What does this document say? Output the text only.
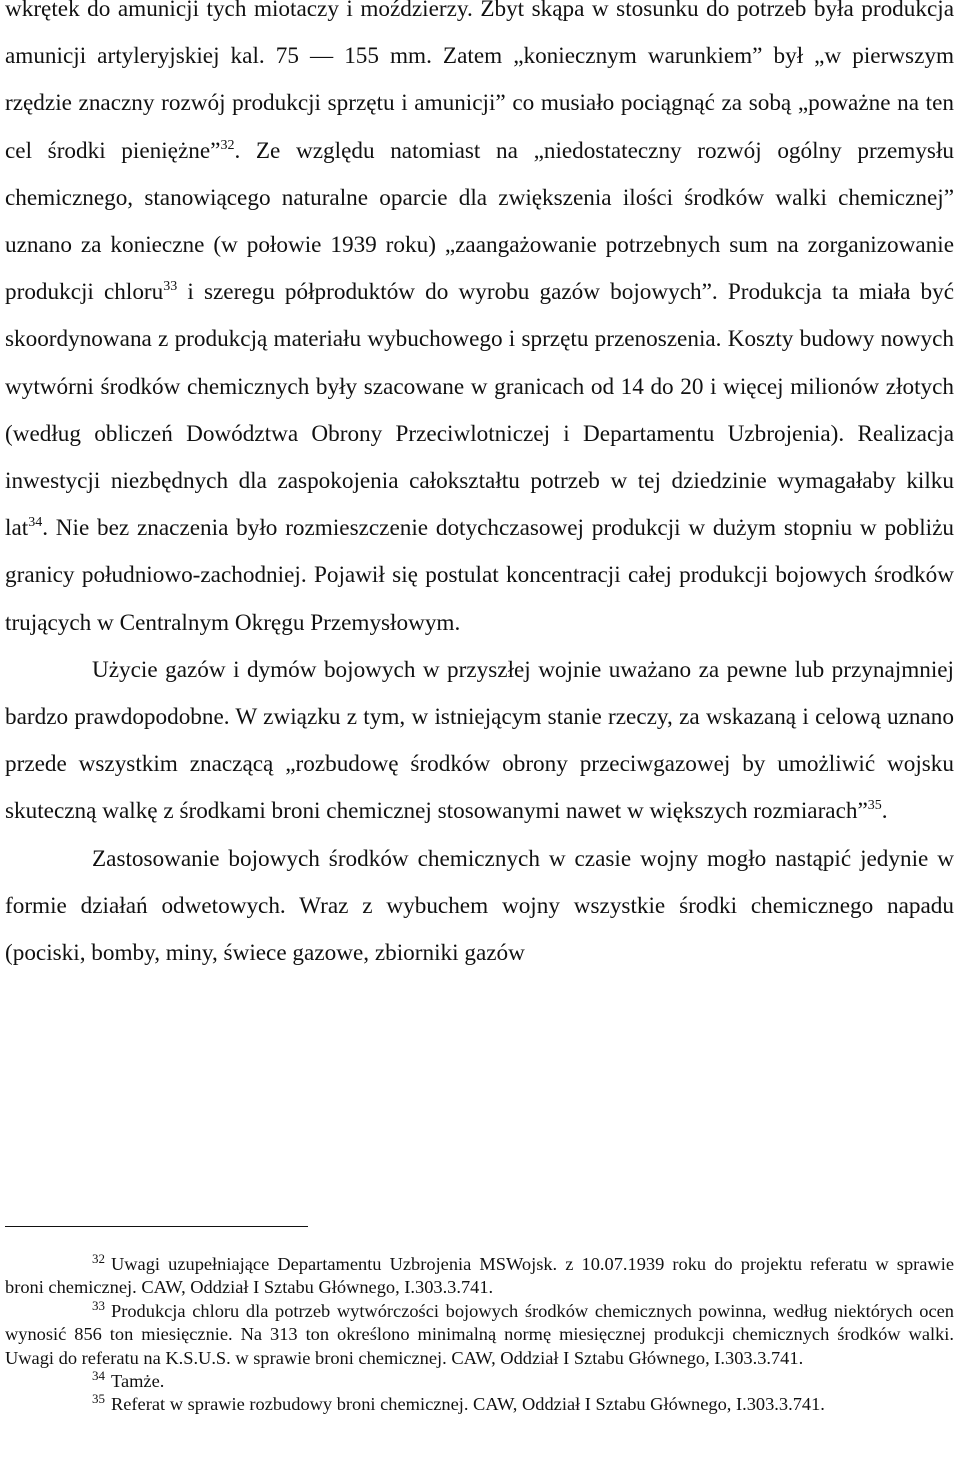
wkrętek do amunicji tych miotaczy i moździerzy. Zbyt skąpa w stosunku do potrzeb była produkcja amunicji artyleryjskiej kal. 75 — 155 mm. Zatem „koniecznym warunkiem” był „w pierwszym rzędzie znaczny rozwój produkcji sprzętu i amunicji” co musiało pociągnąć za sobą „poważne na ten cel środki pieniężne”$^{32}$. Ze względu natomiast na „niedostateczny rozwój ogólny przemysłu chemicznego, stanowiącego naturalne oparcie dla zwiększenia ilości środków walki chemicznej” uznano za konieczne (w połowie 1939 roku) „zaangażowanie potrzebnych sum na zorganizowanie produkcji chloru$^{33}$ i szeregu półproduktów do wyrobu gazów bojowych”. Produkcja ta miała być skoordynowana z produkcją materiału wybuchowego i sprzętu przenoszenia. Koszty budowy nowych wytwórni środków chemicznych były szacowane w granicach od 14 do 20 i więcej milionów złotych (według obliczeń Dowództwa Obrony Przeciwlotniczej i Departamentu Uzbrojenia). Realizacja inwestycji niezbędnych dla zaspokojenia całokształtu potrzeb w tej dziedzinie wymagałaby kilku lat$^{34}$. Nie bez znaczenia było rozmieszczenie dotychczasowej produkcji w dużym stopniu w pobliżu granicy południowo-zachodniej. Pojawił się postulat koncentracji całej produkcji bojowych środków trujących w Centralnym Okręgu Przemysłowym.

Użycie gazów i dymów bojowych w przyszłej wojnie uważano za pewne lub przynajmniej bardzo prawdopodobne. W związku z tym, w istniejącym stanie rzeczy, za wskazaną i celową uznano przede wszystkim znaczącą „rozbudowę środków obrony przeciwgazowej by umożliwić wojsku skuteczną walkę z środkami broni chemicznej stosowanymi nawet w większych rozmiarach”$^{35}$.

Zastosowanie bojowych środków chemicznych w czasie wojny mogło nastąpić jedynie w formie działań odwetowych. Wraz z wybuchem wojny wszystkie środki chemicznego napadu (pociski, bomby, miny, świece gazowe, zbiorniki gazów

$^{32}$ Uwagi uzupełniające Departamentu Uzbrojenia MSWojsk. z 10.07.1939 roku do projektu referatu w sprawie broni chemicznej. CAW, Oddział I Sztabu Głównego, I.303.3.741.

$^{33}$ Produkcja chloru dla potrzeb wytwórczości bojowych środków chemicznych powinna, według niektórych ocen wynosić 856 ton miesięcznie. Na 313 ton określono minimalną normę miesięcznej produkcji chemicznych środków walki. Uwagi do referatu na K.S.U.S. w sprawie broni chemicznej. CAW, Oddział I Sztabu Głównego, I.303.3.741.

$^{34}$ Tamże.

$^{35}$ Referat w sprawie rozbudowy broni chemicznej. CAW, Oddział I Sztabu Głównego, I.303.3.741.
